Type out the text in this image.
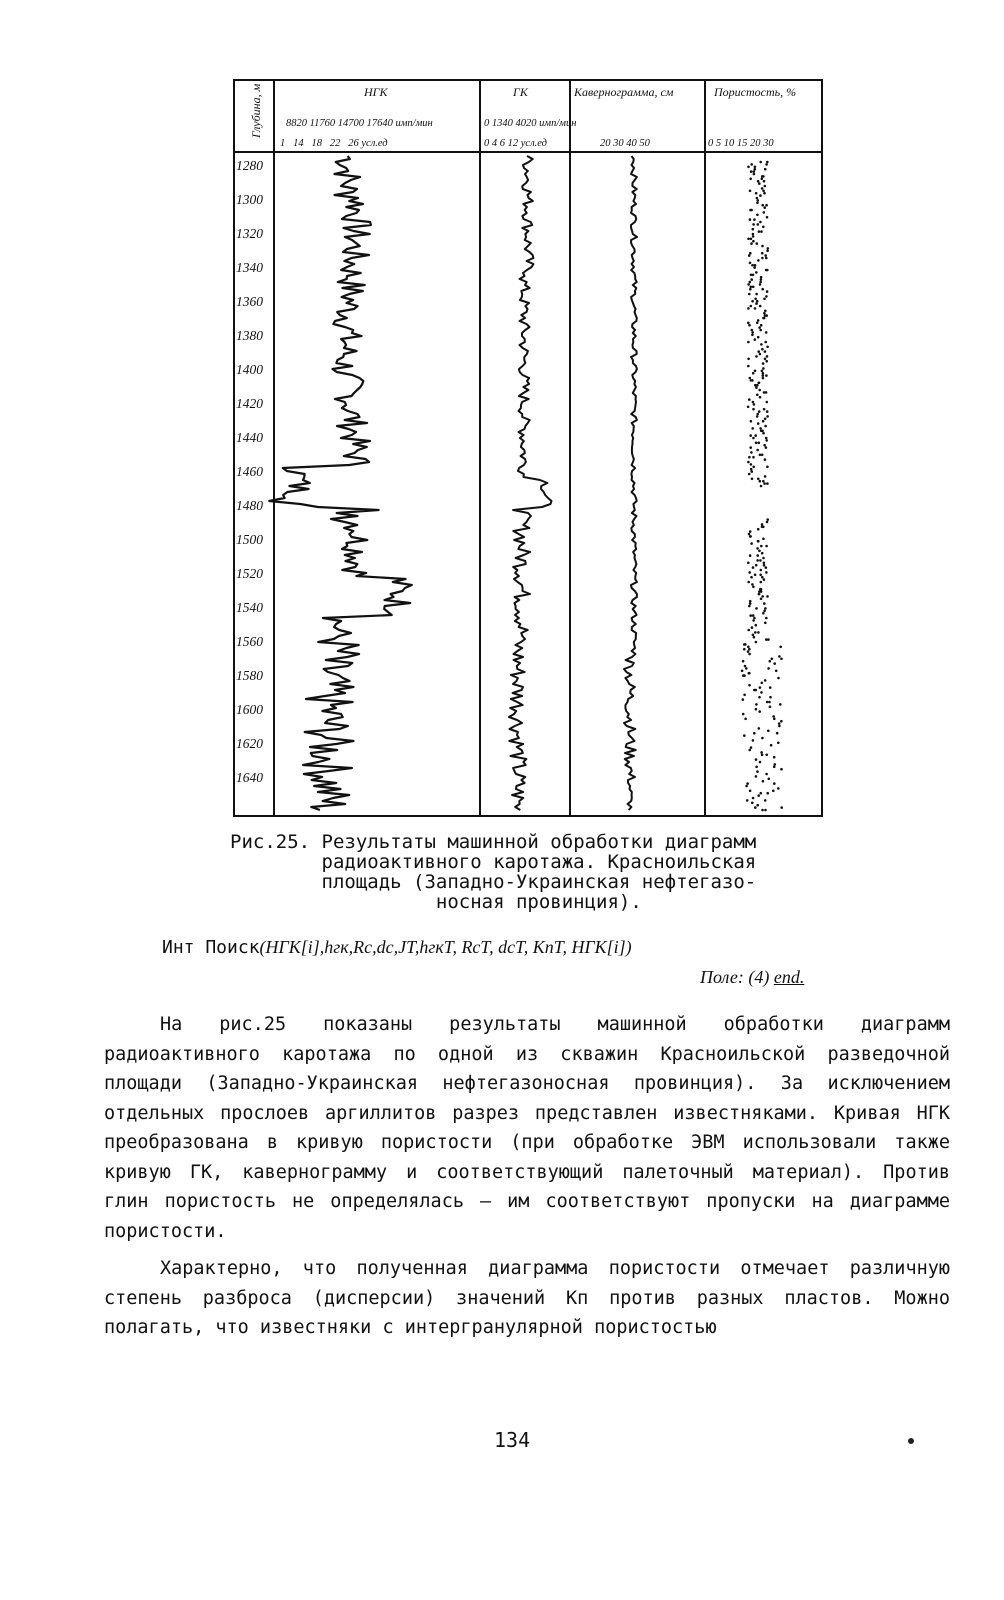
Глубина, м	НГК	ГК	Кавернограмма, см	Пористость, %
8820 11760 14700 17640 имп/мин
1   14   18   22   26 усл.ед
0 1340 4020 имп/мин
0 4 6 12 усл.ед	20 30 40 50	0 5 10 15 20 30
1280
1300
1320
1340
1360
1380
1400
1420
1440
1460
1480
1500
1520
1540
1560
1580
1600
1620
1640
Рис.25. Результаты машинной обработки диаграмм
радиоактивного каротажа. Красноильская
площадь (Западно-Украинская нефтегазо-
носная провинция).
Инт Поиск(НГК[i],hгк,Rc,dc,JT,hгкT, RcT, dcT, KпT, НГК[i])
Поле: (4) end.

На рис.25 показаны результаты машинной обработки диаграмм радиоактивного каротажа по одной из скважин Красноильской разведочной площади (Западно-Украинская нефтегазоносная провинция). За исключением отдельных прослоев аргиллитов разрез представлен известняками. Кривая НГК преобразована в кривую пористости (при обработке ЭВМ использовали также кривую ГК, кавернограмму и соответствующий палеточный материал). Против глин пористость не определялась – им соответствуют пропуски на диаграмме пористости.

Характерно, что полученная диаграмма пористости отмечает различную степень разброса (дисперсии) значений Кп против разных пластов. Можно полагать, что известняки с интергранулярной пористостью

134
